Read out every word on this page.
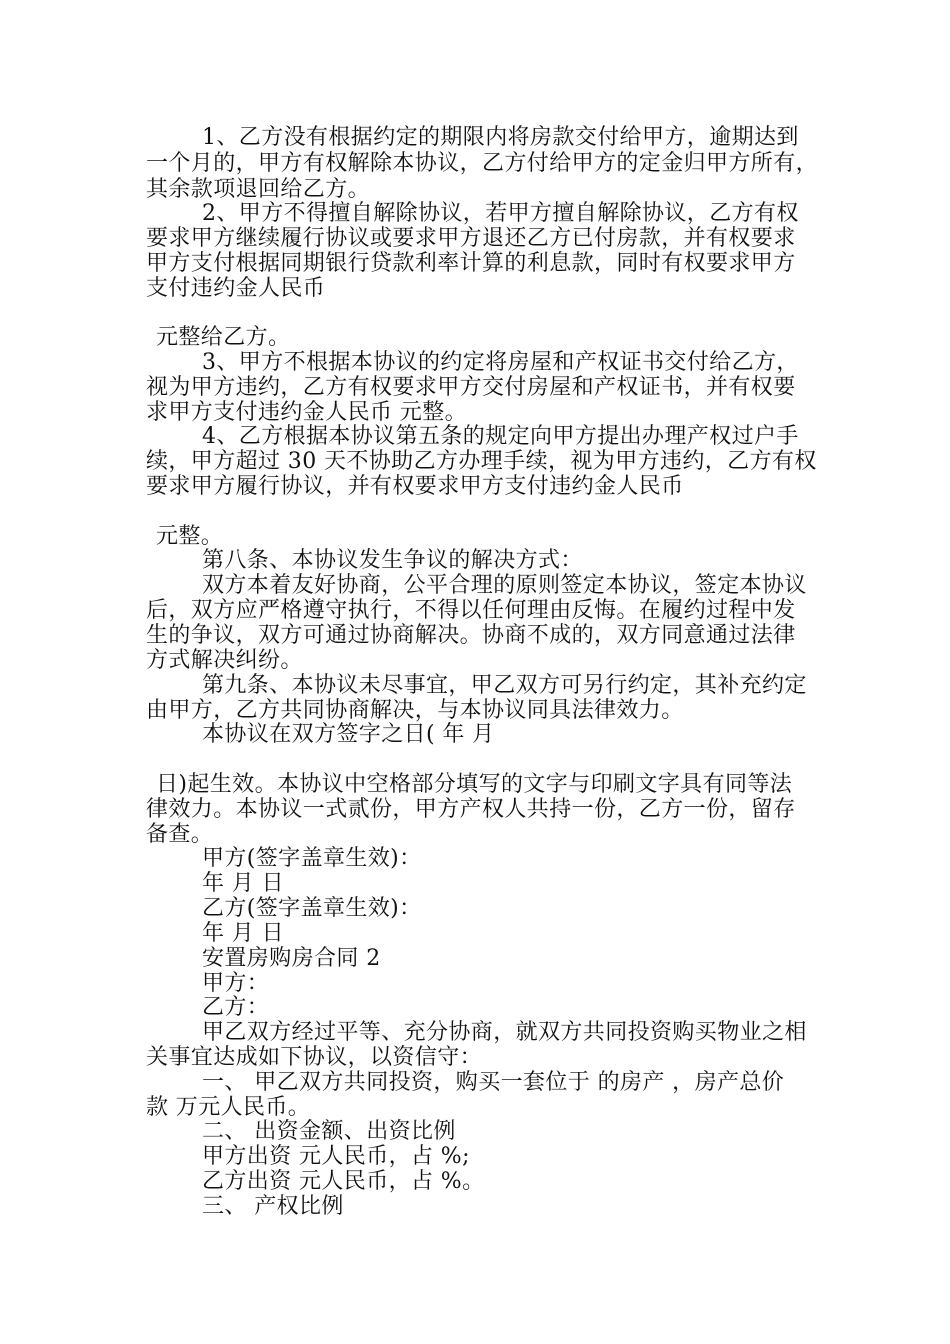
1、乙方没有根据约定的期限内将房款交付给甲方，逾期达到
一个月的，甲方有权解除本协议，乙方付给甲方的定金归甲方所有，
其余款项退回给乙方。
2、甲方不得擅自解除协议，若甲方擅自解除协议，乙方有权
要求甲方继续履行协议或要求甲方退还乙方已付房款，并有权要求
甲方支付根据同期银行贷款利率计算的利息款，同时有权要求甲方
支付违约金人民币
元整给乙方。
3、甲方不根据本协议的约定将房屋和产权证书交付给乙方，
视为甲方违约，乙方有权要求甲方交付房屋和产权证书，并有权要
求甲方支付违约金人民币 元整。
4、乙方根据本协议第五条的规定向甲方提出办理产权过户手
续，甲方超过 30 天不协助乙方办理手续，视为甲方违约，乙方有权
要求甲方履行协议，并有权要求甲方支付违约金人民币
元整。
第八条、本协议发生争议的解决方式：
双方本着友好协商，公平合理的原则签定本协议，签定本协议
后，双方应严格遵守执行，不得以任何理由反悔。在履约过程中发
生的争议，双方可通过协商解决。协商不成的，双方同意通过法律
方式解决纠纷。
第九条、本协议未尽事宜，甲乙双方可另行约定，其补充约定
由甲方，乙方共同协商解决，与本协议同具法律效力。
本协议在双方签字之日( 年 月
日)起生效。本协议中空格部分填写的文字与印刷文字具有同等法
律效力。本协议一式贰份，甲方产权人共持一份，乙方一份，留存
备查。
甲方(签字盖章生效)：
年 月 日
乙方(签字盖章生效)：
年 月 日
安置房购房合同 2
甲方：
乙方：
甲乙双方经过平等、充分协商，就双方共同投资购买物业之相
关事宜达成如下协议，以资信守：
一、 甲乙双方共同投资，购买一套位于 的房产 ，房产总价
款 万元人民币。
二、 出资金额、出资比例
甲方出资 元人民币，占 %;
乙方出资 元人民币，占 %。
三、 产权比例
